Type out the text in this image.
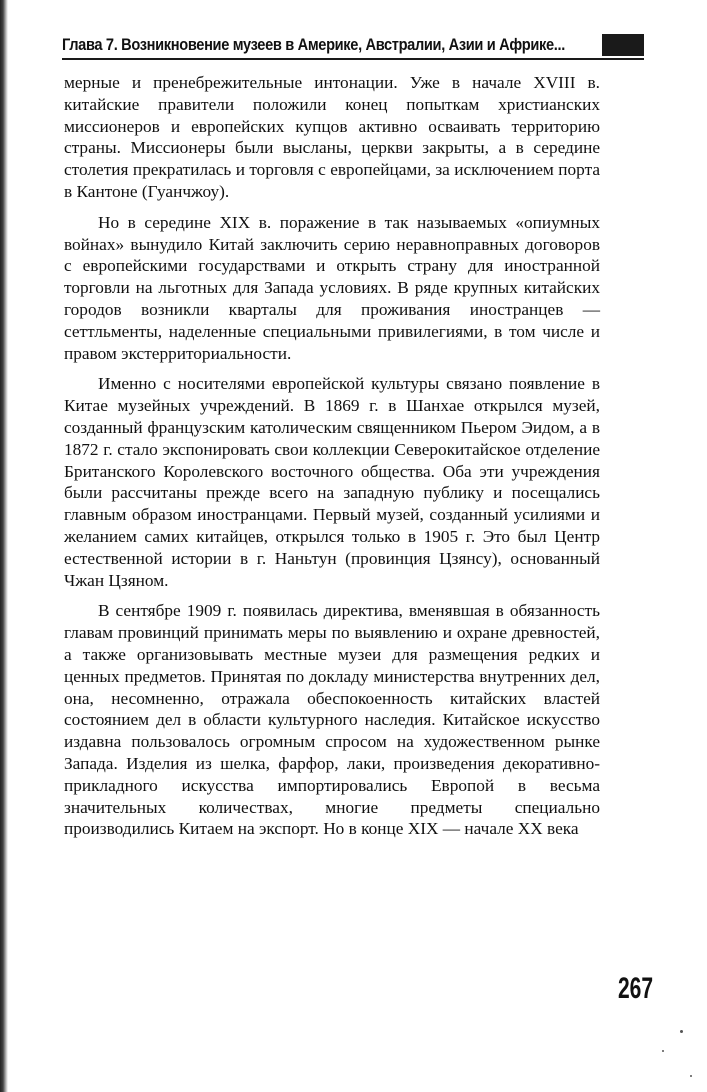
Глава 7. Возникновение музеев в Америке, Австралии, Азии и Африке...

мерные и пренебрежительные интонации. Уже в начале XVIII в. китайские правители положили конец попыткам христианских миссионеров и европейских купцов активно осваивать территорию страны. Миссионеры были высланы, церкви закрыты, а в середине столетия прекратилась и торговля с европейцами, за исключением порта в Кантоне (Гуанчжоу).

Но в середине XIX в. поражение в так называемых «опиумных войнах» вынудило Китай заключить серию неравноправных договоров с европейскими государствами и открыть страну для иностранной торговли на льготных для Запада условиях. В ряде крупных китайских городов возникли кварталы для проживания иностранцев — сеттльменты, наделенные специальными привилегиями, в том числе и правом экстерриториальности.

Именно с носителями европейской культуры связано появление в Китае музейных учреждений. В 1869 г. в Шанхае открылся музей, созданный французским католическим священником Пьером Эидом, а в 1872 г. стало экспонировать свои коллекции Северокитайское отделение Британского Королевского восточного общества. Оба эти учреждения были рассчитаны прежде всего на западную публику и посещались главным образом иностранцами. Первый музей, созданный усилиями и желанием самих китайцев, открылся только в 1905 г. Это был Центр естественной истории в г. Наньтун (провинция Цзянсу), основанный Чжан Цзяном.

В сентябре 1909 г. появилась директива, вменявшая в обязанность главам провинций принимать меры по выявлению и охране древностей, а также организовывать местные музеи для размещения редких и ценных предметов. Принятая по докладу министерства внутренних дел, она, несомненно, отражала обеспокоенность китайских властей состоянием дел в области культурного наследия. Китайское искусство издавна пользовалось огромным спросом на художественном рынке Запада. Изделия из шелка, фарфор, лаки, произведения декоративно-прикладного искусства импортировались Европой в весьма значительных количествах, многие предметы специально производились Китаем на экспорт. Но в конце XIX — начале XX века

267
